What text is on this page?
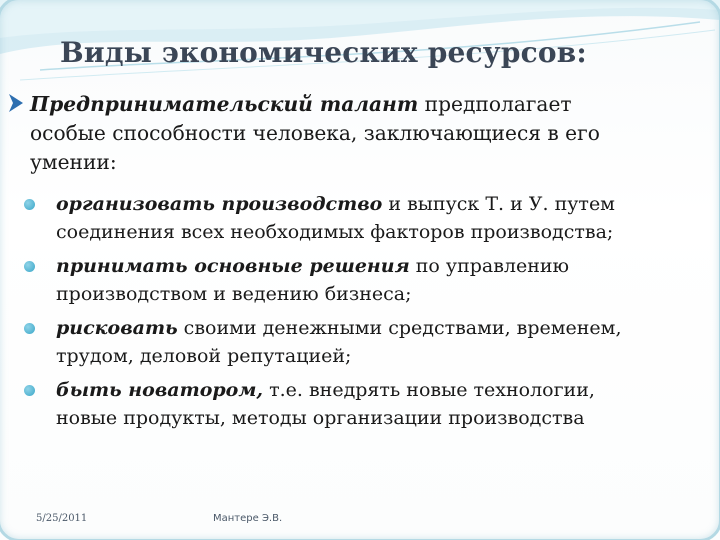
Виды экономических ресурсов:
Предпринимательский талант предполагает
особые способности человека, заключающиеся в его
умении:
организовать производство и выпуск Т. и У. путем
соединения всех необходимых факторов производства;
принимать основные решения по управлению
производством и ведению бизнеса;
рисковать своими денежными средствами, временем,
трудом, деловой репутацией;
быть новатором, т.е. внедрять новые технологии,
новые продукты, методы организации производства
5/25/2011	Мантере Э.В.
